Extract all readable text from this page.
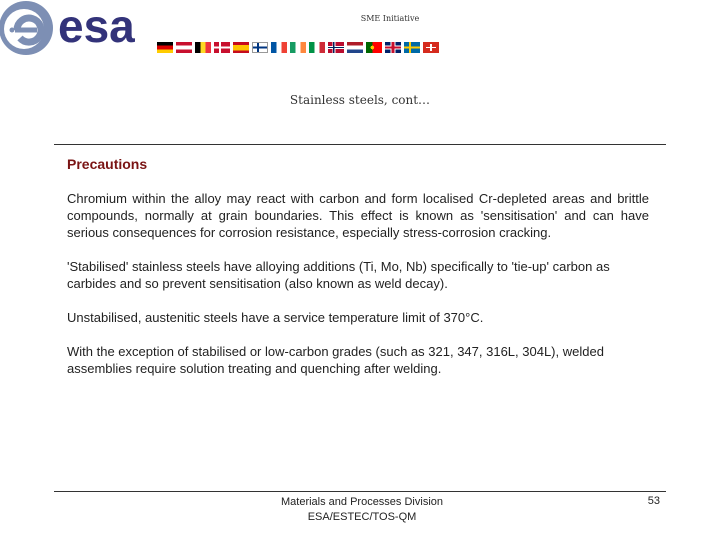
esa	SME Initiative
Stainless steels, cont…
Precautions

Chromium within the alloy may react with carbon and form localised Cr-depleted areas and brittle compounds, normally at grain boundaries. This effect is known as 'sensitisation' and can have serious consequences for corrosion resistance, especially stress-corrosion cracking.

'Stabilised' stainless steels have alloying additions (Ti, Mo, Nb) specifically to 'tie-up' carbon as carbides and so prevent sensitisation (also known as weld decay).

Unstabilised, austenitic steels have a service temperature limit of 370°C.

With the exception of stabilised or low-carbon grades (such as 321, 347, 316L, 304L), welded assemblies require solution treating and quenching after welding.

Materials and Processes Division
ESA/ESTEC/TOS-QM
53
